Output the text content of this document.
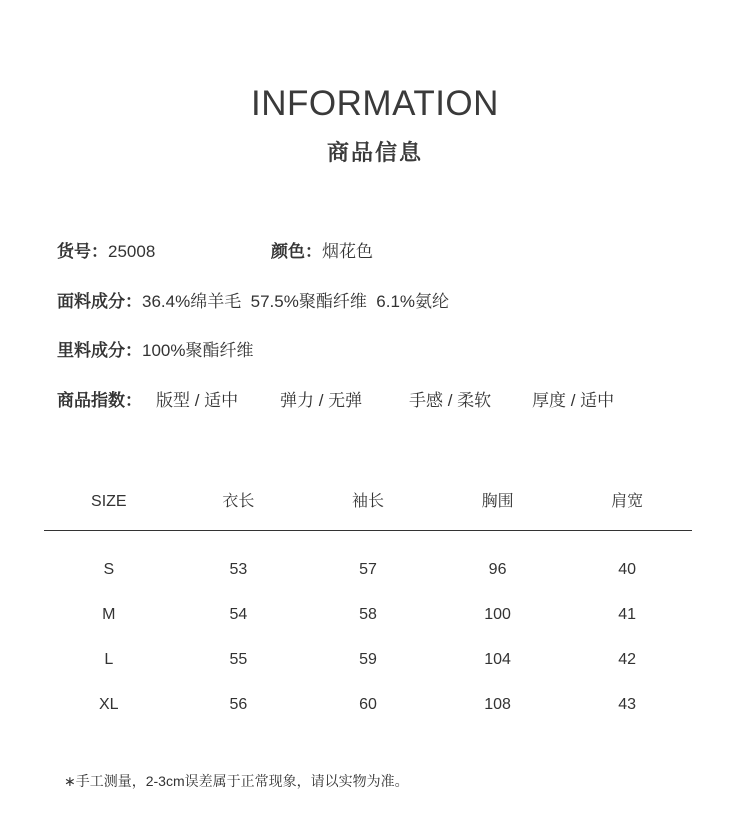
INFORMATION
商品信息
货号：25008	颜色：烟花色
面料成分：36.4%绵羊毛  57.5%聚酯纤维  6.1%氨纶
里料成分：100%聚酯纤维
商品指数： 版型 / 适中 弹力 / 无弹	手感 / 柔软 厚度 / 适中
SIZE	衣长	袖长	胸围	肩宽
S	53	57	96	40
M	54	58	100	41
L	55	59	104	42
XL	56	60	108	43
∗手工测量，2-3cm误差属于正常现象，请以实物为准。
